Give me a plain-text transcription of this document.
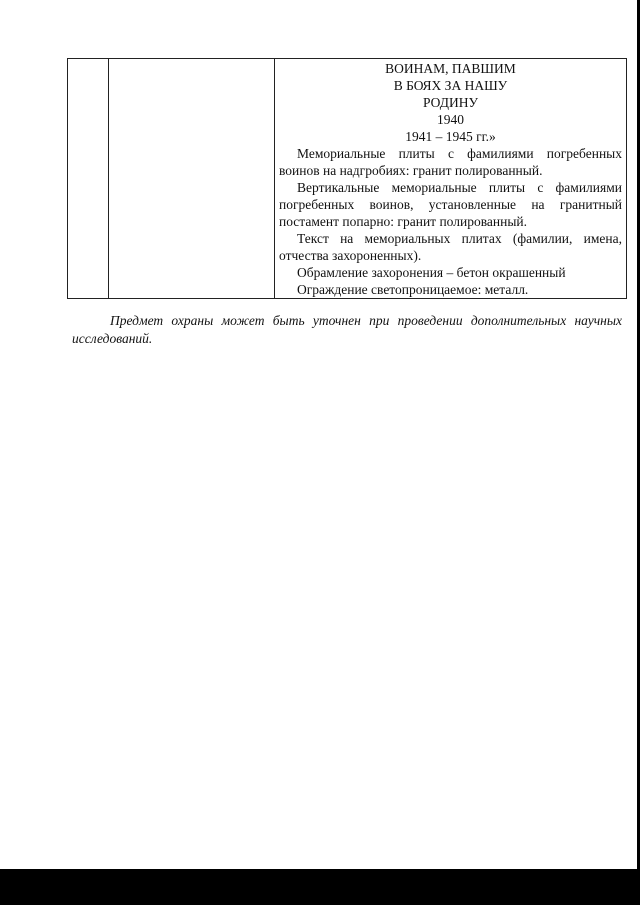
ВОИНАМ, ПАВШИМ

В БОЯХ ЗА НАШУ

РОДИНУ

1940

1941 – 1945 гг.»

Мемориальные плиты с фамилиями погребенных воинов на надгробиях: гранит полированный.

Вертикальные мемориальные плиты с фамилиями погребенных воинов, установленные на гранитный постамент попарно: гранит полированный.

Текст на мемориальных плитах (фамилии, имена, отчества захороненных).

Обрамление захоронения – бетон окрашенный

Ограждение светопроницаемое: металл.

Предмет охраны может быть уточнен при проведении дополнительных научных исследований.
